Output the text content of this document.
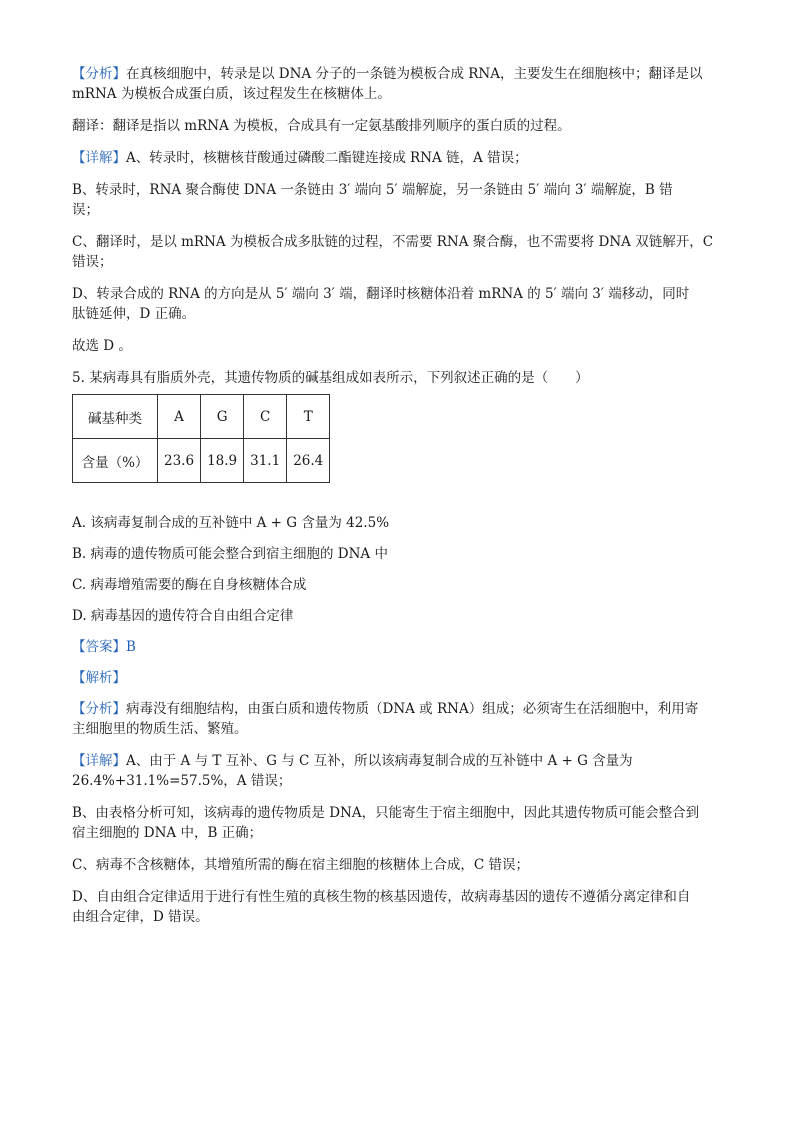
【分析】在真核细胞中，转录是以 DNA 分子的一条链为模板合成 RNA，主要发生在细胞核中；翻译是以

mRNA 为模板合成蛋白质，该过程发生在核糖体上。

翻译：翻译是指以 mRNA 为模板，合成具有一定氨基酸排列顺序的蛋白质的过程。

【详解】A、转录时，核糖核苷酸通过磷酸二酯键连接成 RNA 链，A 错误；

B、转录时，RNA 聚合酶使 DNA 一条链由 3′ 端向 5′ 端解旋，另一条链由 5′ 端向 3′ 端解旋，B 错

误；

C、翻译时，是以 mRNA 为模板合成多肽链的过程，不需要 RNA 聚合酶，也不需要将 DNA 双链解开，C

错误；

D、转录合成的 RNA 的方向是从 5′ 端向 3′ 端，翻译时核糖体沿着 mRNA 的 5′ 端向 3′ 端移动，同时

肽链延伸，D 正确。

故选 D 。

5. 某病毒具有脂质外壳，其遗传物质的碱基组成如表所示，下列叙述正确的是（　　）

碱基种类	A	G	C	T
含量（%）	23.6	18.9	31.1	26.4

A. 该病毒复制合成的互补链中 A + G 含量为 42.5%

B. 病毒的遗传物质可能会整合到宿主细胞的 DNA 中

C. 病毒增殖需要的酶在自身核糖体合成

D. 病毒基因的遗传符合自由组合定律

【答案】B

【解析】

【分析】病毒没有细胞结构，由蛋白质和遗传物质（DNA 或 RNA）组成；必须寄生在活细胞中，利用寄

主细胞里的物质生活、繁殖。

【详解】A、由于 A 与 T 互补、G 与 C 互补，所以该病毒复制合成的互补链中 A + G 含量为

26.4%+31.1%=57.5%，A 错误；

B、由表格分析可知，该病毒的遗传物质是 DNA，只能寄生于宿主细胞中，因此其遗传物质可能会整合到

宿主细胞的 DNA 中，B 正确；

C、病毒不含核糖体，其增殖所需的酶在宿主细胞的核糖体上合成，C 错误；

D、自由组合定律适用于进行有性生殖的真核生物的核基因遗传，故病毒基因的遗传不遵循分离定律和自

由组合定律，D 错误。
